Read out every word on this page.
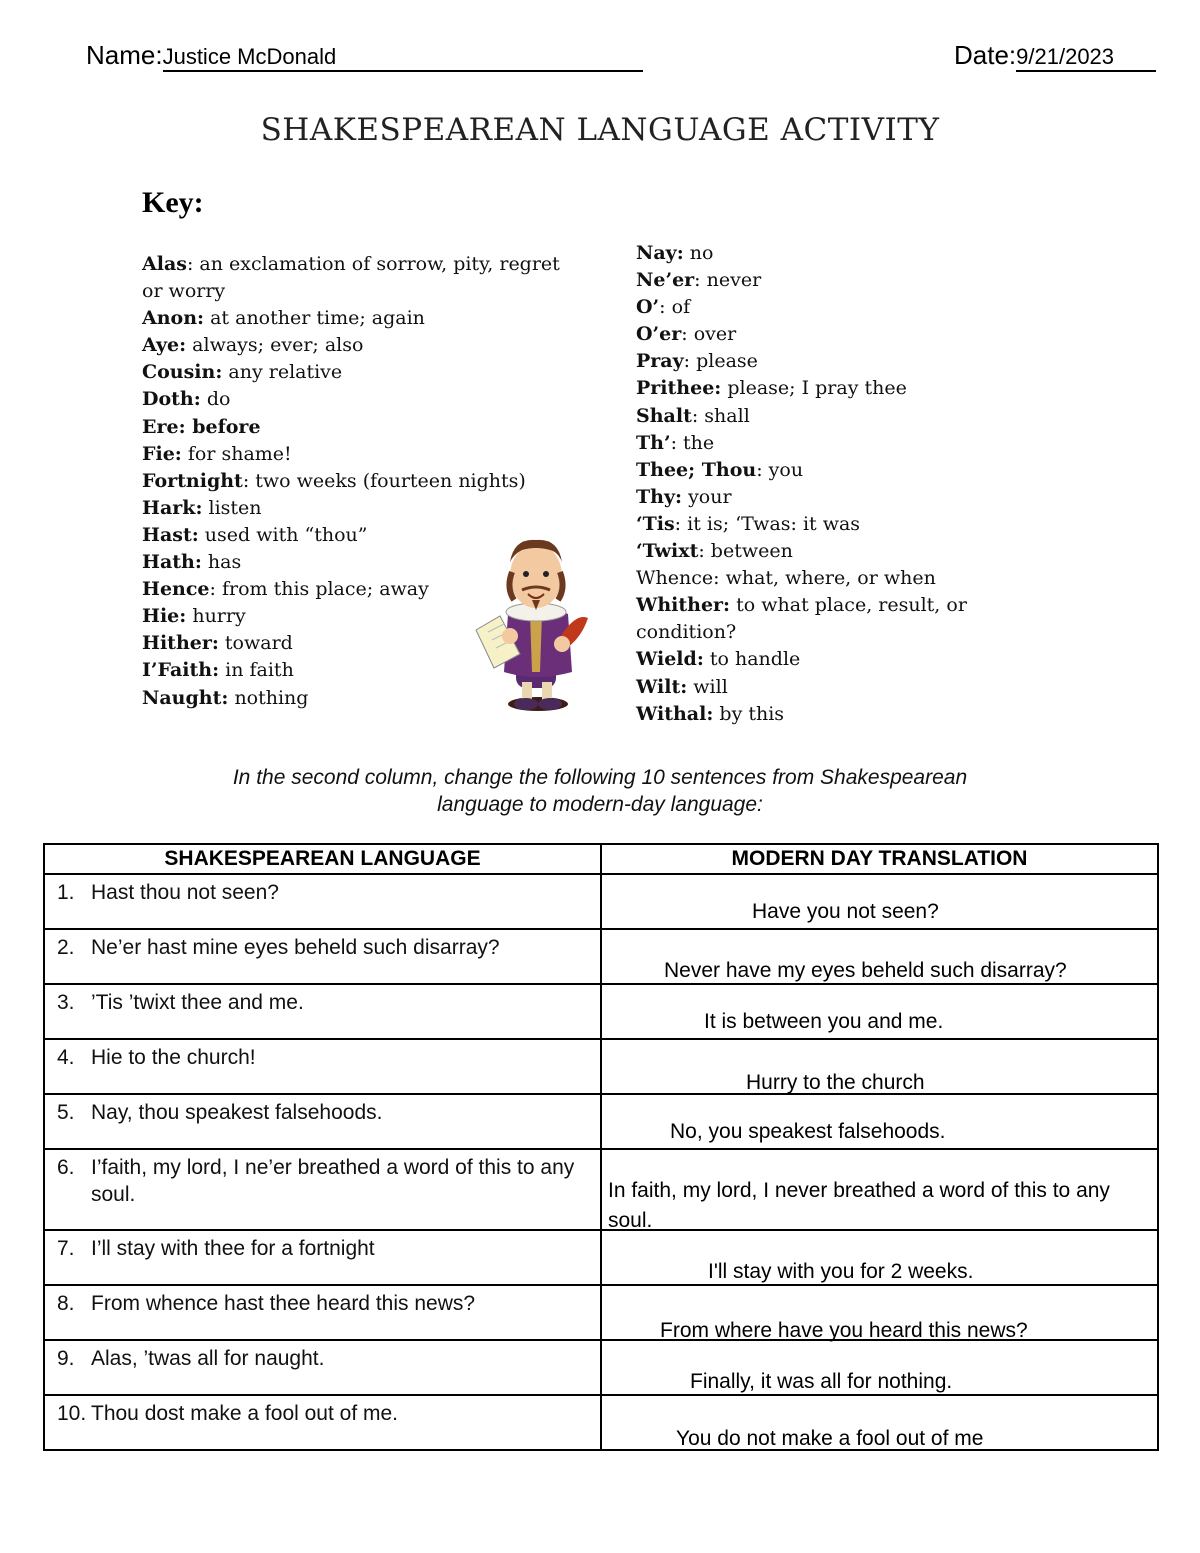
Name:Justice McDonald	Date:9/21/2023
SHAKESPEAREAN LANGUAGE ACTIVITY
Key:
Alas: an exclamation of sorrow, pity, regret or worry
Anon: at another time; again
Aye: always; ever; also
Cousin: any relative
Doth: do
Ere: before
Fie: for shame!
Fortnight: two weeks (fourteen nights)
Hark: listen
Hast: used with “thou”
Hath: has
Hence: from this place; away
Hie: hurry
Hither: toward
I’Faith: in faith
Naught: nothing
Nay: no
Ne’er: never
O’: of
O’er: over
Pray: please
Prithee: please; I pray thee
Shalt: shall
Th’: the
Thee; Thou: you
Thy: your
‘Tis: it is; ‘Twas: it was
‘Twixt: between
Whence: what, where, or when
Whither: to what place, result, or condition?
Wield: to handle
Wilt: will
Withal: by this
In the second column, change the following 10 sentences from Shakespearean
language to modern-day language:
SHAKESPEAREAN LANGUAGE	MODERN DAY TRANSLATION

1. Hast thou not seen?	Have you not seen?

2. Ne’er hast mine eyes beheld such disarray?	Never have my eyes beheld such disarray?

3. ’Tis ’twixt thee and me.	It is between you and me.

4. Hie to the church!	Hurry to the church

5. Nay, thou speakest falsehoods.	No, you speakest falsehoods.

6. I’faith, my lord, I ne’er breathed a word of this to any soul.	In faith, my lord, I never breathed a word of this to any soul.

7. I’ll stay with thee for a fortnight	I'll stay with you for 2 weeks.

8. From whence hast thee heard this news?	From where have you heard this news?

9. Alas, ’twas all for naught.	Finally, it was all for nothing.

10. Thou dost make a fool out of me.	You do not make a fool out of me
